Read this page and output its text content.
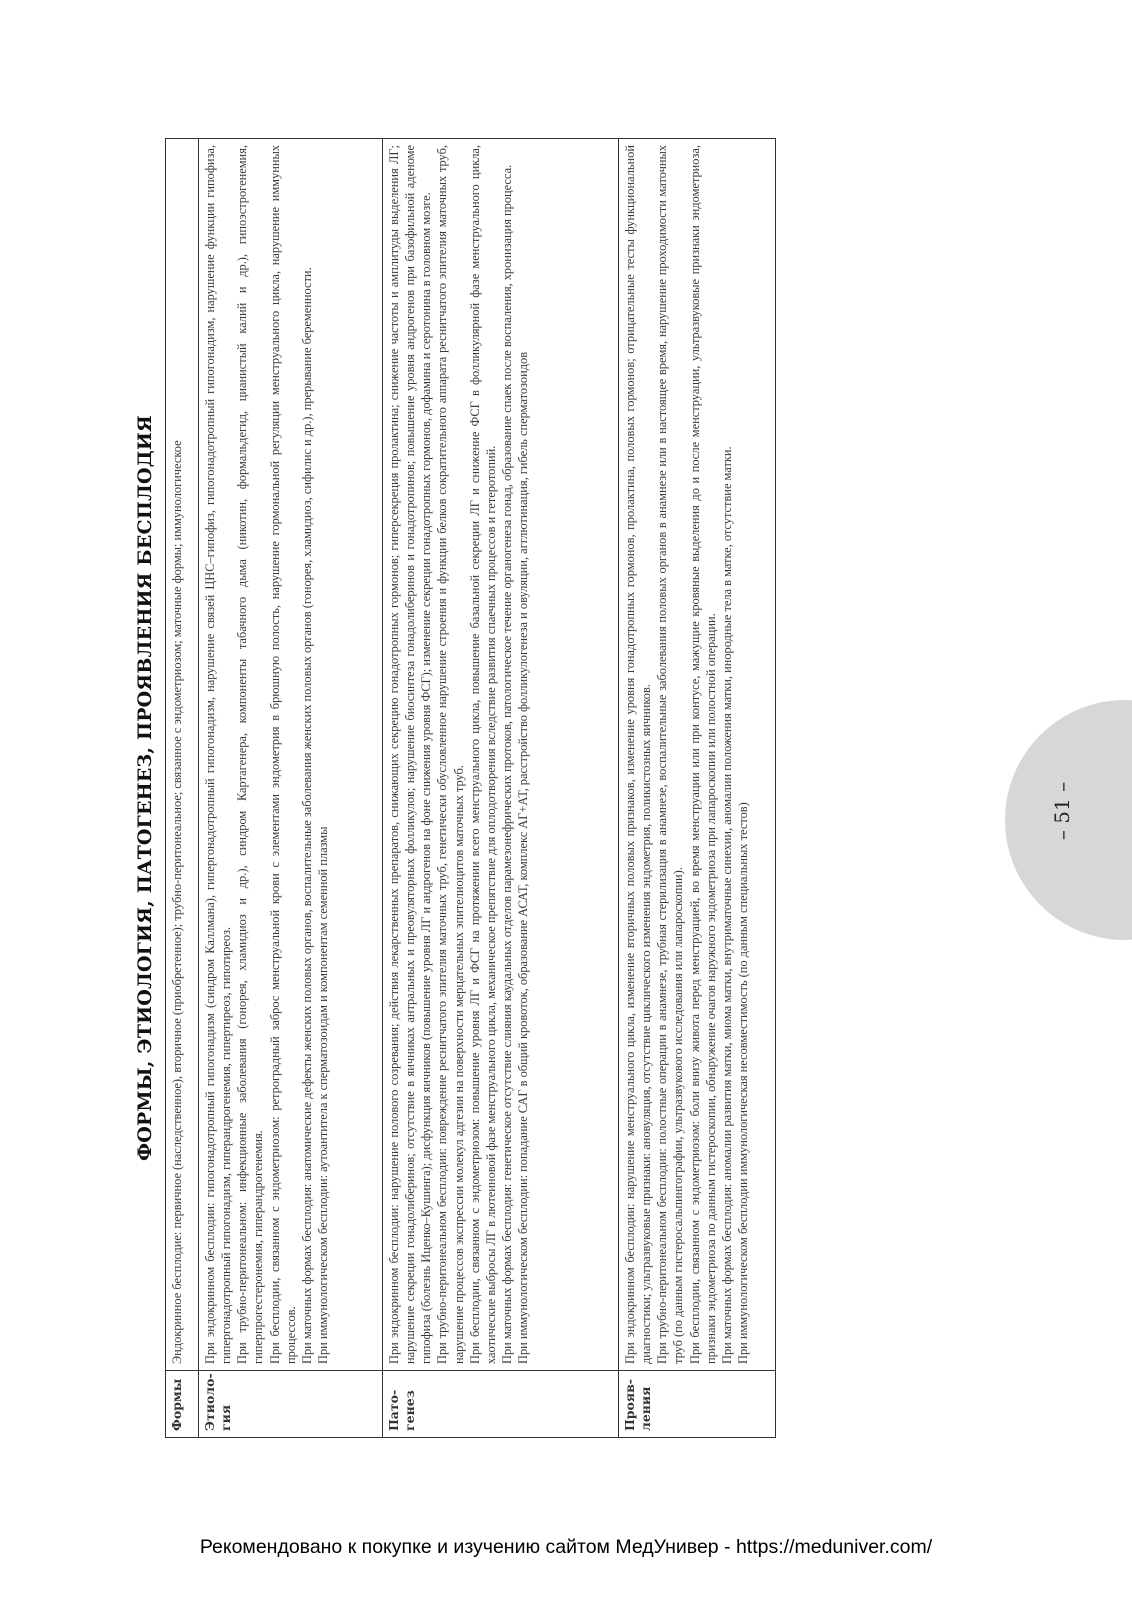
ФОРМЫ, ЭТИОЛОГИЯ, ПАТОГЕНЕЗ, ПРОЯВЛЕНИЯ БЕСПЛОДИЯ
Формы	Эндокринное бесплодие: первичное (наследственное), вторичное (приобретенное); трубно-перитонеальное; связанное с эндометриозом; маточные формы; иммунологическое

Этиоло-гия	При эндокринном бесплодии: гипогонадотропный гипогонадизм (синдром Каллмана), гипергонадотропный гипогонадизм, нарушение связей ЦНС–гипофиз, гипогонадотропный гипогонадизм, нарушение функции гипофиза, гипергонадотропный гипогонадизм, гиперандрогенемия, гипертиреоз, гипотиреоз. При трубно-перитонеальном: инфекционные заболевания (гонорея, хламидиоз и др.), синдром Картагенера, компоненты табачного дыма (никотин, формальдегид, цианистый калий и др.), гипоэстрогенемия, гиперпрогестеронемия, гиперандрогенемия. При бесплодии, связанном с эндометриозом: ретроградный заброс менструальной крови с элементами эндометрия в брюшную полость, нарушение гормональной регуляции менструального цикла, нарушение иммунных процессов. При маточных формах бесплодия: анатомические дефекты женских половых органов, воспалительные заболевания женских половых органов (гонорея, хламидиоз, сифилис и др.), прерывание беременности. При иммунологическом бесплодии: аутоантитела к сперматозоидам и компонентам семенной плазмы

Пато-генез	При эндокринном бесплодии: нарушение полового созревания; действия лекарственных препаратов, снижающих секрецию гонадотропных гормонов; гиперсекреция пролактина; снижение частоты и амплитуды выделения ЛГ; нарушение секреции гонадолиберинов; отсутствие в яичниках антральных и преовуляторных фолликулов; нарушение биосинтеза гонадолиберинов и гонадотропинов; повышение уровня андрогенов при базофильной аденоме гипофиза (болезнь Иценко–Кушинга); дисфункция яичников (повышение уровня ЛГ и андрогенов на фоне снижения уровня ФСГ); изменение секреции гонадотропных гормонов, дофамина и серотонина в головном мозге. При трубно-перитонеальном бесплодии: повреждение реснитчатого эпителия маточных труб, генетически обусловленное нарушение строения и функции белков сократительного аппарата реснитчатого эпителия маточных труб, нарушение процессов экспрессии молекул адгезии на поверхности мерцательных эпителиоцитов маточных труб. При бесплодии, связанном с эндометриозом: повышение уровня ЛГ и ФСГ на протяжении всего менструального цикла, повышение базальной секреции ЛГ и снижение ФСГ в фолликулярной фазе менструального цикла, хаотические выбросы ЛГ в лютеиновой фазе менструального цикла, механическое препятствие для оплодотворения вследствие развития спаечных процессов и гетеротопий. При маточных формах бесплодия: генетическое отсутствие слияния каудальных отделов парамезонефрических протоков, патологическое течение органогенеза гонад, образование спаек после воспаления, хронизация процесса. При иммунологическом бесплодии: попадание САГ в общий кровоток, образование АСАТ, комплекс АГ+АТ, расстройство фолликулогенеза и овуляции, агглютинация, гибель сперматозоидов

Прояв-ления	При эндокринном бесплодии: нарушение менструального цикла, изменение вторичных половых признаков, изменение уровня гонадотропных гормонов, пролактина, половых гормонов; отрицательные тесты функциональной диагностики; ультразвуковые признаки: ановуляция, отсутствие циклического изменения эндометрия, поликистозных яичников. При трубно-перитонеальном бесплодии: полостные операции в анамнезе, трубная стерилизация в анамнезе, воспалительные заболевания половых органов в анамнезе или в настоящее время, нарушение проходимости маточных труб (по данным гистеросальпингографии, ультразвукового исследования или лапароскопии). При бесплодии, связанном с эндометриозом: боли внизу живота перед менструацией, во время менструации или при контусе, мажущие кровяные выделения до и после менструации, ультразвуковые признаки эндометриоза, признаки эндометриоза по данным гистероскопии, обнаружение очагов наружного эндометриоза при лапароскопии или полостной операции. При маточных формах бесплодия: аномалии развития матки, миома матки, внутриматочные синехии, аномалии положения матки, инородные тела в матке, отсутствие матки. При иммунологическом бесплодии иммунологическая несовместимость (по данным специальных тестов)	– 51 –
Рекомендовано к покупке и изучению сайтом МедУнивер - https://meduniver.com/
